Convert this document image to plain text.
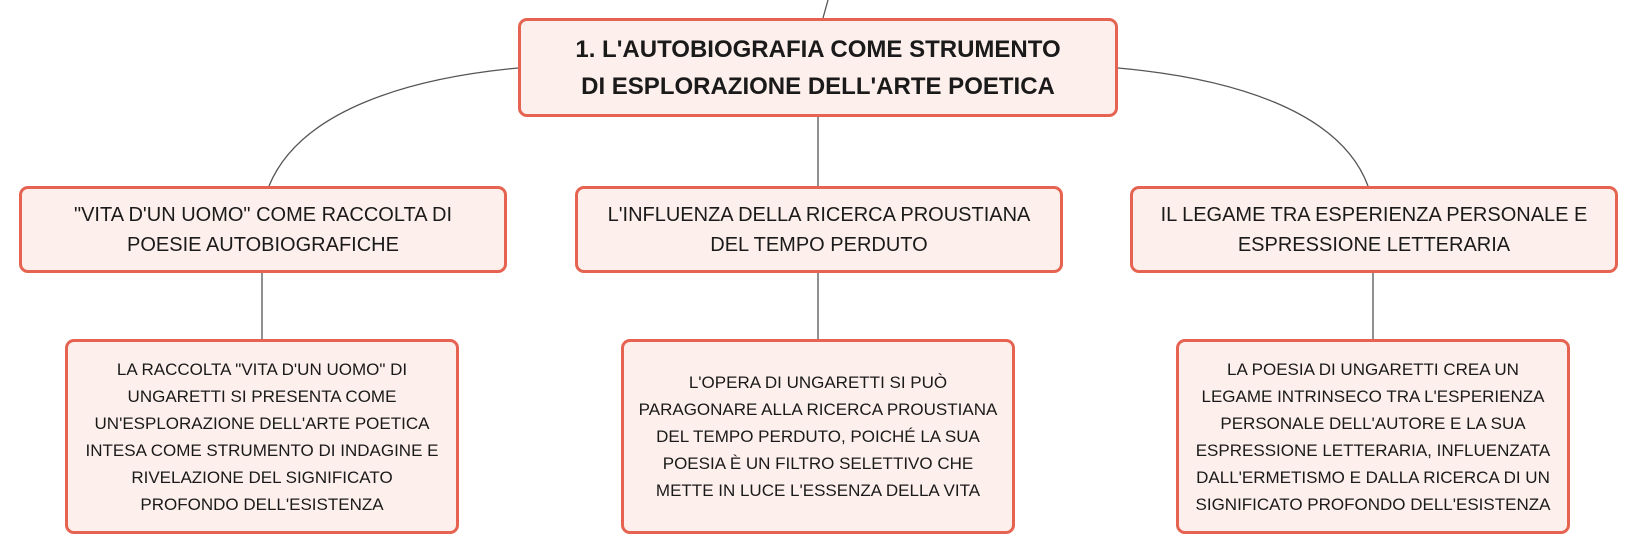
1. L'AUTOBIOGRAFIA COME STRUMENTO DI ESPLORAZIONE DELL'ARTE POETICA
"VITA D'UN UOMO" COME RACCOLTA DI POESIE AUTOBIOGRAFICHE
L'INFLUENZA DELLA RICERCA PROUSTIANA DEL TEMPO PERDUTO
IL LEGAME TRA ESPERIENZA PERSONALE E ESPRESSIONE LETTERARIA
LA RACCOLTA "VITA D'UN UOMO" DI UNGARETTI SI PRESENTA COME UN'ESPLORAZIONE DELL'ARTE POETICA INTESA COME STRUMENTO DI INDAGINE E RIVELAZIONE DEL SIGNIFICATO PROFONDO DELL'ESISTENZA
L'OPERA DI UNGARETTI SI PUÒ PARAGONARE ALLA RICERCA PROUSTIANA DEL TEMPO PERDUTO, POICHÉ LA SUA POESIA È UN FILTRO SELETTIVO CHE METTE IN LUCE L'ESSENZA DELLA VITA
LA POESIA DI UNGARETTI CREA UN LEGAME INTRINSECO TRA L'ESPERIENZA PERSONALE DELL'AUTORE E LA SUA ESPRESSIONE LETTERARIA, INFLUENZATA DALL'ERMETISMO E DALLA RICERCA DI UN SIGNIFICATO PROFONDO DELL'ESISTENZA
